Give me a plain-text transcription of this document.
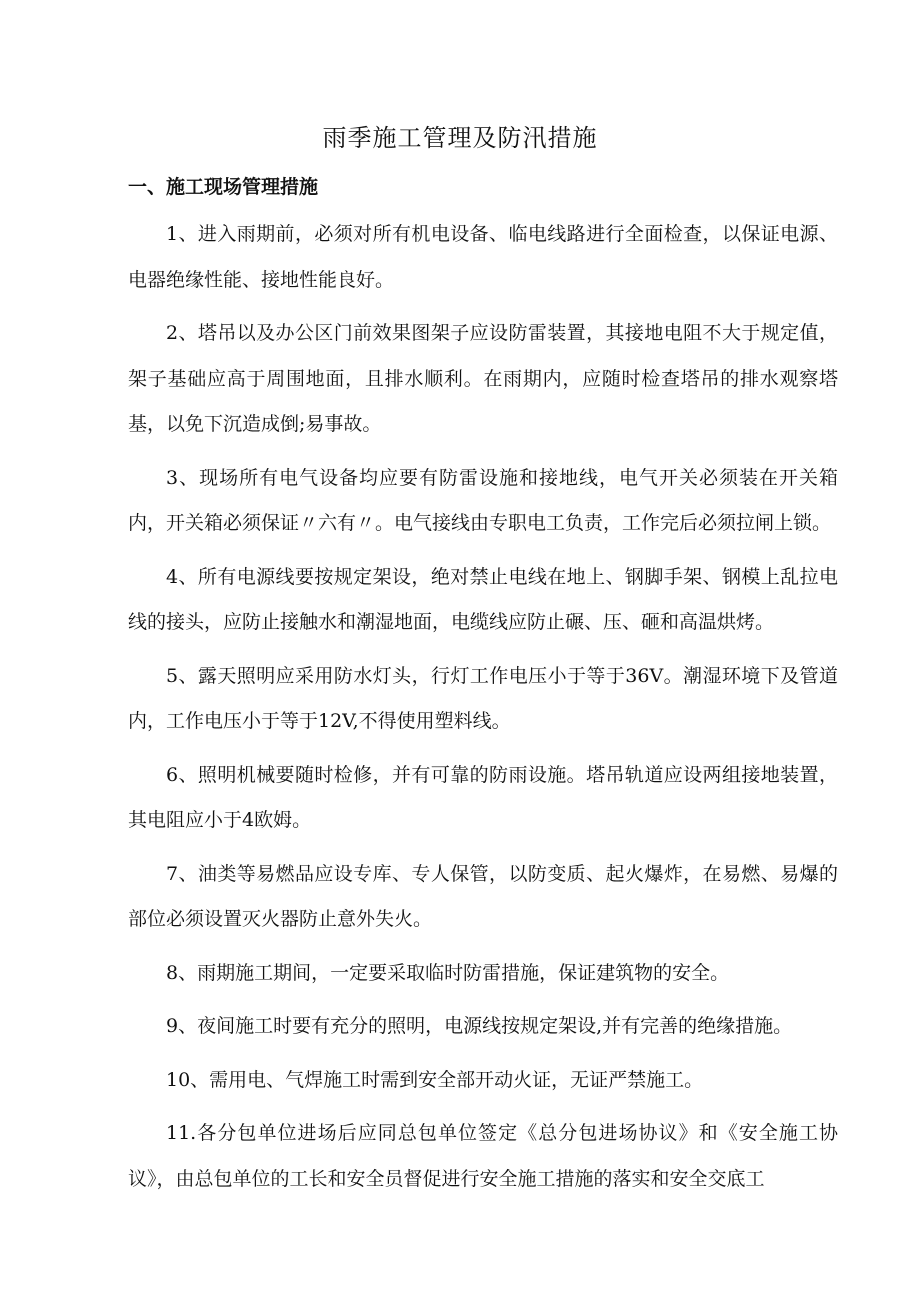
雨季施工管理及防汛措施
一、施工现场管理措施

1、进入雨期前，必须对所有机电设备、临电线路进行全面检查，以保证电源、电器绝缘性能、接地性能良好。

2、塔吊以及办公区门前效果图架子应设防雷装置，其接地电阻不大于规定值，架子基础应高于周围地面，且排水顺利。在雨期内，应随时检查塔吊的排水观察塔基，以免下沉造成倒;易事故。

3、现场所有电气设备均应要有防雷设施和接地线，电气开关必须装在开关箱内，开关箱必须保证〃六有〃。电气接线由专职电工负责，工作完后必须拉闸上锁。

4、所有电源线要按规定架设，绝对禁止电线在地上、钢脚手架、钢模上乱拉电线的接头，应防止接触水和潮湿地面，电缆线应防止碾、压、砸和高温烘烤。

5、露天照明应采用防水灯头，行灯工作电压小于等于36V。潮湿环境下及管道内，工作电压小于等于12V,不得使用塑料线。

6、照明机械要随时检修，并有可靠的防雨设施。塔吊轨道应设两组接地装置，其电阻应小于4欧姆。

7、油类等易燃品应设专库、专人保管，以防变质、起火爆炸，在易燃、易爆的部位必须设置灭火器防止意外失火。

8、雨期施工期间，一定要采取临时防雷措施，保证建筑物的安全。

9、夜间施工时要有充分的照明，电源线按规定架设,并有完善的绝缘措施。

10、需用电、气焊施工时需到安全部开动火证，无证严禁施工。

11.各分包单位进场后应同总包单位签定《总分包进场协议》和《安全施工协议》，由总包单位的工长和安全员督促进行安全施工措施的落实和安全交底工
